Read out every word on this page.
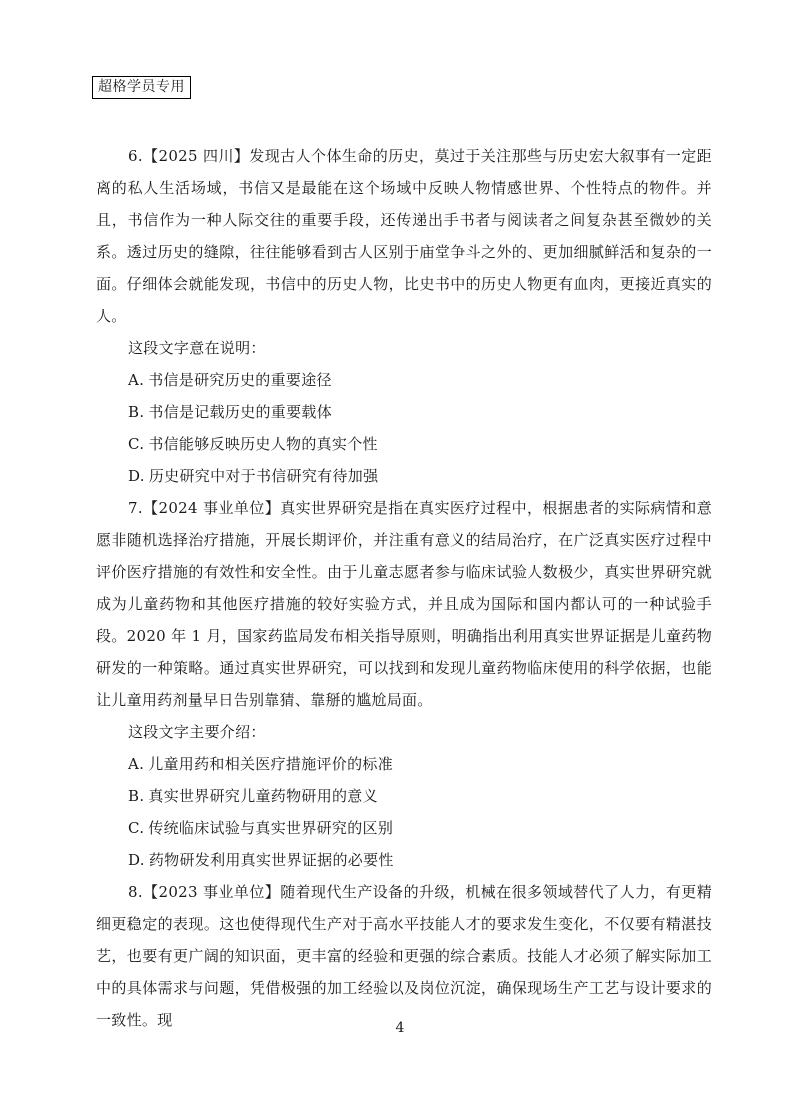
超格学员专用

6.【2025 四川】发现古人个体生命的历史，莫过于关注那些与历史宏大叙事有一定距离的私人生活场域，书信又是最能在这个场域中反映人物情感世界、个性特点的物件。并且，书信作为一种人际交往的重要手段，还传递出手书者与阅读者之间复杂甚至微妙的关系。透过历史的缝隙，往往能够看到古人区别于庙堂争斗之外的、更加细腻鲜活和复杂的一面。仔细体会就能发现，书信中的历史人物，比史书中的历史人物更有血肉，更接近真实的人。

这段文字意在说明：

A. 书信是研究历史的重要途径

B. 书信是记载历史的重要载体

C. 书信能够反映历史人物的真实个性

D. 历史研究中对于书信研究有待加强

7.【2024 事业单位】真实世界研究是指在真实医疗过程中，根据患者的实际病情和意愿非随机选择治疗措施，开展长期评价，并注重有意义的结局治疗，在广泛真实医疗过程中评价医疗措施的有效性和安全性。由于儿童志愿者参与临床试验人数极少，真实世界研究就成为儿童药物和其他医疗措施的较好实验方式，并且成为国际和国内都认可的一种试验手段。2020 年 1 月，国家药监局发布相关指导原则，明确指出利用真实世界证据是儿童药物研发的一种策略。通过真实世界研究，可以找到和发现儿童药物临床使用的科学依据，也能让儿童用药剂量早日告别靠猜、靠掰的尴尬局面。

这段文字主要介绍：

A. 儿童用药和相关医疗措施评价的标准

B. 真实世界研究儿童药物研用的意义

C. 传统临床试验与真实世界研究的区别

D. 药物研发利用真实世界证据的必要性

8.【2023 事业单位】随着现代生产设备的升级，机械在很多领域替代了人力，有更精细更稳定的表现。这也使得现代生产对于高水平技能人才的要求发生变化，不仅要有精湛技艺，也要有更广阔的知识面，更丰富的经验和更强的综合素质。技能人才必须了解实际加工中的具体需求与问题，凭借极强的加工经验以及岗位沉淀，确保现场生产工艺与设计要求的一致性。现	4
